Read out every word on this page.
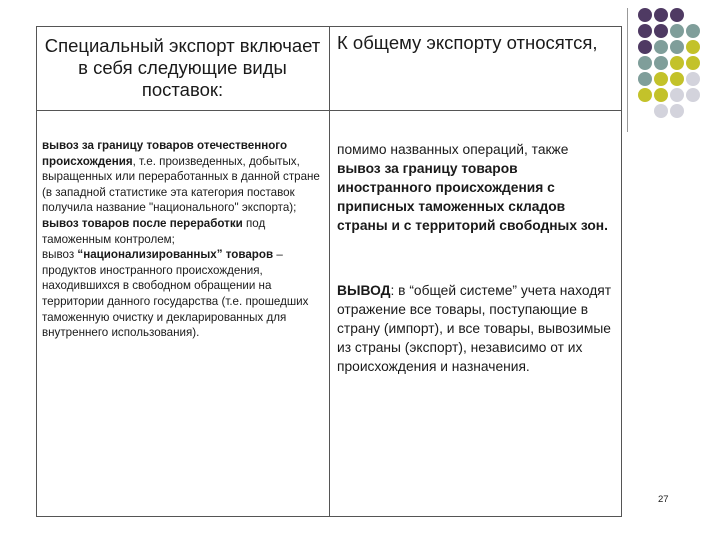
Специальный экспорт включает в себя следующие виды поставок:
К общему экспорту относятся,

вывоз за границу товаров отечественного происхождения, т.е. произведенных, добытых, выращенных или переработанных в данной стране (в западной статистике эта категория поставок получила название "национального" экспорта);

вывоз товаров после переработки под таможенным контролем;

вывоз “национализированных” товаров – продуктов иностранного происхождения, находившихся в свободном обращении на территории данного государства (т.е. прошедших таможенную очистку и декларированных для внутреннего использования).

помимо названных операций, также вывоз за границу товаров иностранного происхождения с приписных таможенных складов страны и с территорий свободных зон.

ВЫВОД: в “общей системе” учета находят отражение все товары, поступающие в страну (импорт), и все товары, вывозимые из страны (экспорт), независимо от их происхождения и назначения.

27
